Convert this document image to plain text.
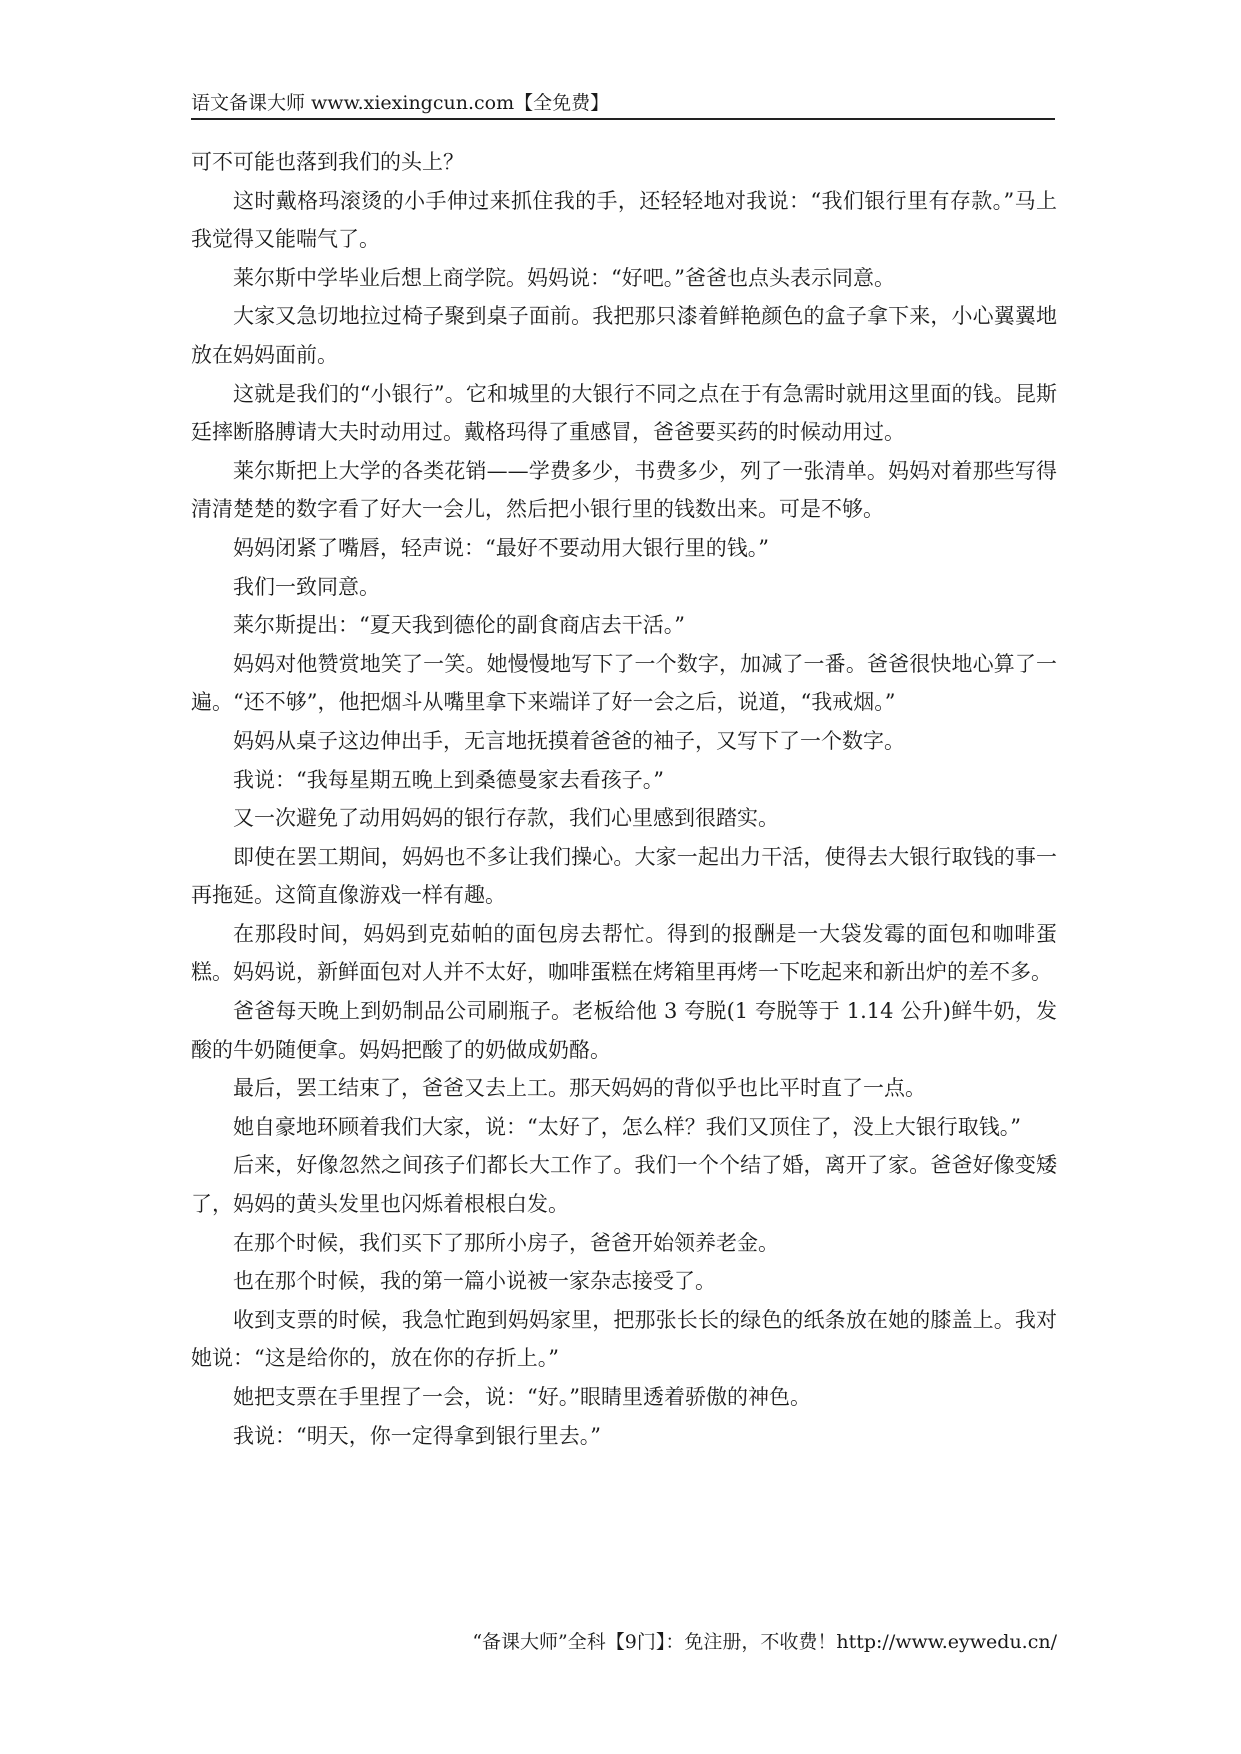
语文备课大师 www.xiexingcun.com【全免费】

可不可能也落到我们的头上？

这时戴格玛滚烫的小手伸过来抓住我的手，还轻轻地对我说：“我们银行里有存款。”马上我觉得又能喘气了。

莱尔斯中学毕业后想上商学院。妈妈说：“好吧。”爸爸也点头表示同意。

大家又急切地拉过椅子聚到桌子面前。我把那只漆着鲜艳颜色的盒子拿下来，小心翼翼地放在妈妈面前。

这就是我们的“小银行”。它和城里的大银行不同之点在于有急需时就用这里面的钱。昆斯廷摔断胳膊请大夫时动用过。戴格玛得了重感冒，爸爸要买药的时候动用过。

莱尔斯把上大学的各类花销——学费多少，书费多少，列了一张清单。妈妈对着那些写得清清楚楚的数字看了好大一会儿，然后把小银行里的钱数出来。可是不够。

妈妈闭紧了嘴唇，轻声说：“最好不要动用大银行里的钱。”

我们一致同意。

莱尔斯提出：“夏天我到德伦的副食商店去干活。”

妈妈对他赞赏地笑了一笑。她慢慢地写下了一个数字，加减了一番。爸爸很快地心算了一遍。“还不够”，他把烟斗从嘴里拿下来端详了好一会之后，说道，“我戒烟。”

妈妈从桌子这边伸出手，无言地抚摸着爸爸的袖子，又写下了一个数字。

我说：“我每星期五晚上到桑德曼家去看孩子。”

又一次避免了动用妈妈的银行存款，我们心里感到很踏实。

即使在罢工期间，妈妈也不多让我们操心。大家一起出力干活，使得去大银行取钱的事一再拖延。这简直像游戏一样有趣。

在那段时间，妈妈到克茹帕的面包房去帮忙。得到的报酬是一大袋发霉的面包和咖啡蛋糕。妈妈说，新鲜面包对人并不太好，咖啡蛋糕在烤箱里再烤一下吃起来和新出炉的差不多。

爸爸每天晚上到奶制品公司刷瓶子。老板给他 3 夸脱(1 夸脱等于 1.14 公升)鲜牛奶，发酸的牛奶随便拿。妈妈把酸了的奶做成奶酪。

最后，罢工结束了，爸爸又去上工。那天妈妈的背似乎也比平时直了一点。

她自豪地环顾着我们大家，说：“太好了，怎么样？我们又顶住了，没上大银行取钱。”

后来，好像忽然之间孩子们都长大工作了。我们一个个结了婚，离开了家。爸爸好像变矮了，妈妈的黄头发里也闪烁着根根白发。

在那个时候，我们买下了那所小房子，爸爸开始领养老金。

也在那个时候，我的第一篇小说被一家杂志接受了。

收到支票的时候，我急忙跑到妈妈家里，把那张长长的绿色的纸条放在她的膝盖上。我对她说：“这是给你的，放在你的存折上。”

她把支票在手里捏了一会，说：“好。”眼睛里透着骄傲的神色。

我说：“明天，你一定得拿到银行里去。”

“备课大师”全科【9门】：免注册，不收费！http://www.eywedu.cn/
